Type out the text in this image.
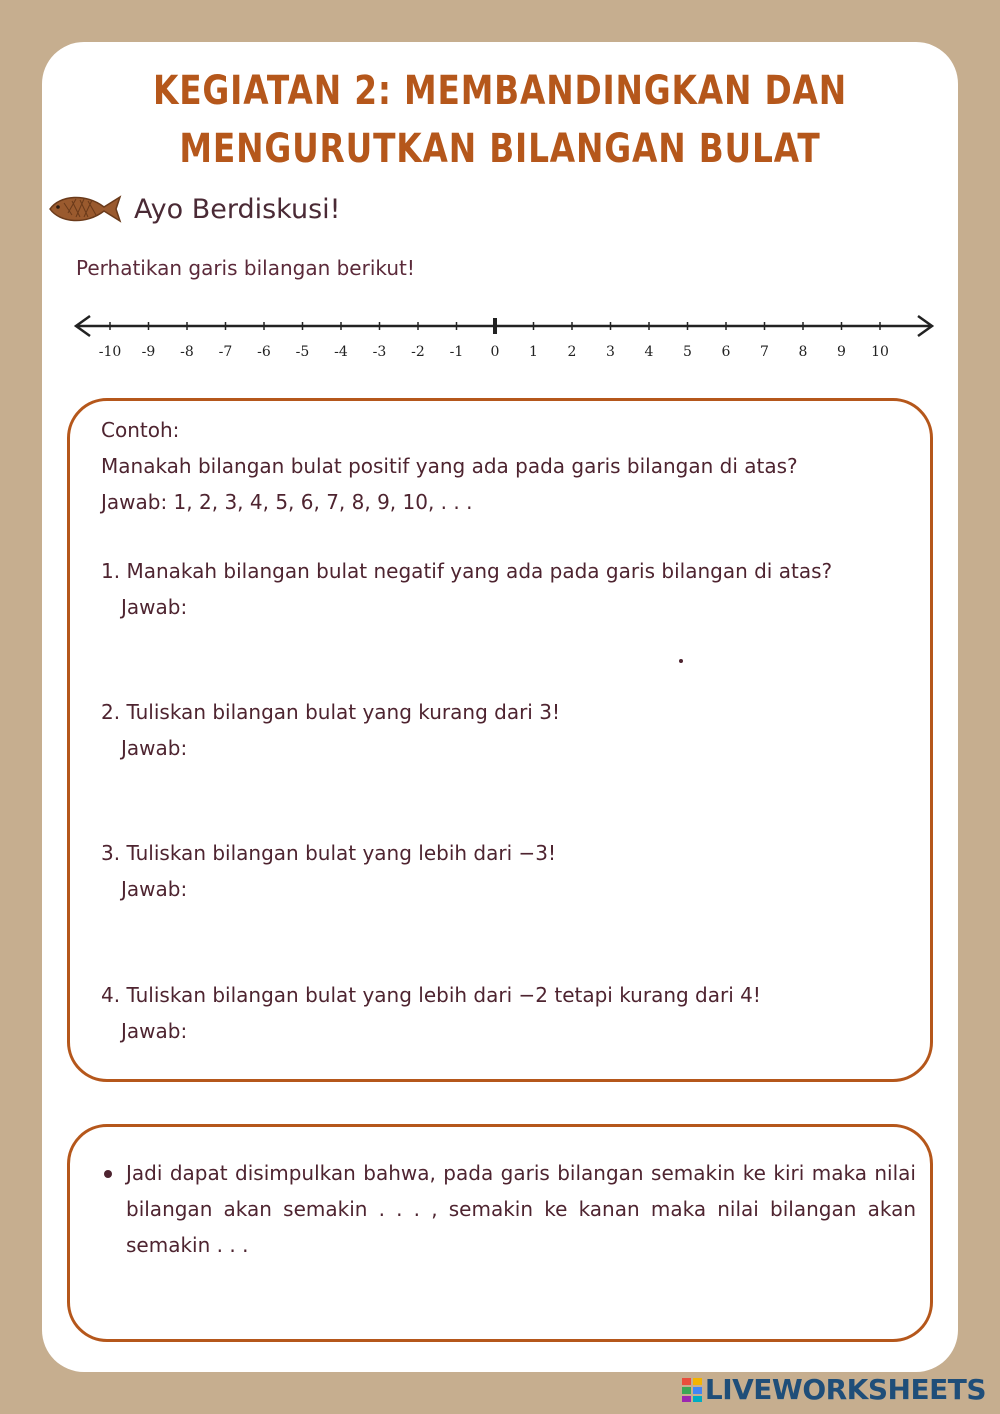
KEGIATAN 2: MEMBANDINGKAN DAN
MENGURUTKAN BILANGAN BULAT
Ayo Berdiskusi!
Perhatikan garis bilangan berikut!
-10 -9 -8 -7 -6 -5 -4 -3 -2 -1 0 1 2 3 4 5 6 7 8 9 10
Contoh:
Manakah bilangan bulat positif yang ada pada garis bilangan di atas?
Jawab: 1, 2, 3, 4, 5, 6, 7, 8, 9, 10, . . .
1. Manakah bilangan bulat negatif yang ada pada garis bilangan di atas?
Jawab:
2. Tuliskan bilangan bulat yang kurang dari 3!
Jawab:
3. Tuliskan bilangan bulat yang lebih dari −3!
Jawab:
4. Tuliskan bilangan bulat yang lebih dari −2 tetapi kurang dari 4!
Jawab:
Jadi dapat disimpulkan bahwa, pada garis bilangan semakin ke kiri maka nilai bilangan akan semakin . . . , semakin ke kanan maka nilai bilangan akan semakin . . .
LIVEWORKSHEETS
